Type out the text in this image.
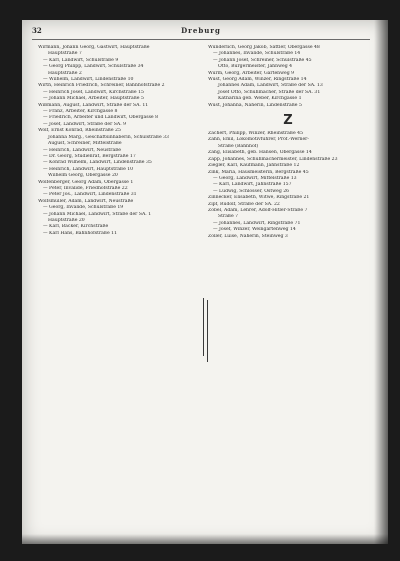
32	Dreburg
Wirmann, Johann Georg, Gastwirt, Hauptstraße
Hauptstraße 7
— Karl, Landwirt, Schulstraße 9
— Georg Philipp, Landwirt, Schulstraße 34
Hauptstraße 2
— Wilhelm, Landwirt, Lindenstraße 10
Wirth, Heinrich Friedrich, Schreiner, Bahnhofstraße 2
— Heinrich Josef, Landwirt, Kirchstraße 15
— Johann Michael, Arbeiter, Hauptstraße 5
Wißmann, August, Landwirt, Straße der SA. 11
— Franz, Arbeiter, Kirchgasse 8
— Friedrich, Arbeiter und Landwirt, Obergasse 8
— Josef, Landwirt, Straße der SA. 9
Wolf, Ernst Konrad, Rheinstraße 25
Johanna Marg., Geschäftsinhaberin, Schulstraße 33
August, Schreiner, Mittelstraße
— Heinrich, Landwirt, Neustraße
— Dr. Georg, Studienrat, Bergstraße 17
— Konrad Wilhelm, Landwirt, Lindenstraße 35
— Heinrich, Landwirt, Hauptstraße 10
Wilhelm Georg, Obergasse 20
Wolfenberger, Georg Adam, Obergasse 1
— Peter, Invalide, Friedhofstraße 22
— Peter Jos., Landwirt, Lindenstraße 31
Wolfsmüller, Adam, Landwirt, Neustraße
— Georg, Invalide, Schulstraße 19
— Johann Michael, Landwirt, Straße der SA. 1
Hauptstraße 20
— Karl, Bäcker, Kirchstraße
— Karl Hans, Bahnhofstraße 11
Wunderlich, Georg Jakob, Sattler, Obergasse 48
— Johannes, Invalide, Schulstraße 14
— Johann Josef, Schreiner, Schulstraße 45
Otto, Bürgermeister, Jahnweg 4
Wurm, Georg, Arbeiter, Gartenweg 9
Wüst, Georg Adam, Winzer, Ringstraße 14
Johannes Adam, Landwirt, Straße der SA. 13
Josef Otto, Schuhmacher, Straße der SA. 31
Katharina geb. Weber, Kirchgasse 1
Wüst, Johanna, Näherin, Lindenstraße 5
Z
Zachert, Philipp, Winzer, Rheinstraße 45
Zahn, Emil, Lokomotivführer, Prof.-Werner-
Straße (Bahnhof)
Zang, Elisabeth, geb. Hansen, Obergasse 14
Zapp, Johannes, Schuhmachermeister, Lindenstraße 23
Ziegler, Karl, Kaufmann, Jahnstraße 12
Zink, Maria, Hausmeisterin, Bergstraße 45
— Georg, Landwirt, Mittelstraße 13
— Karl, Landwirt, Jahnstraße 157
— Ludwig, Schlosser, Ostweg 26
Zinnecker, Elisabeth, Witwe, Ringstraße 21
Zipf, Rudolf, Straße der SA. 22
Zobel, Adam, Lehrer, Adolf-Hitler-Straße 7
Straße 7
— Johannes, Landwirt, Ringstraße 71
— Josef, Winzer, Weingartenweg 14
Zöller, Luise, Näherin, Steinweg 3
